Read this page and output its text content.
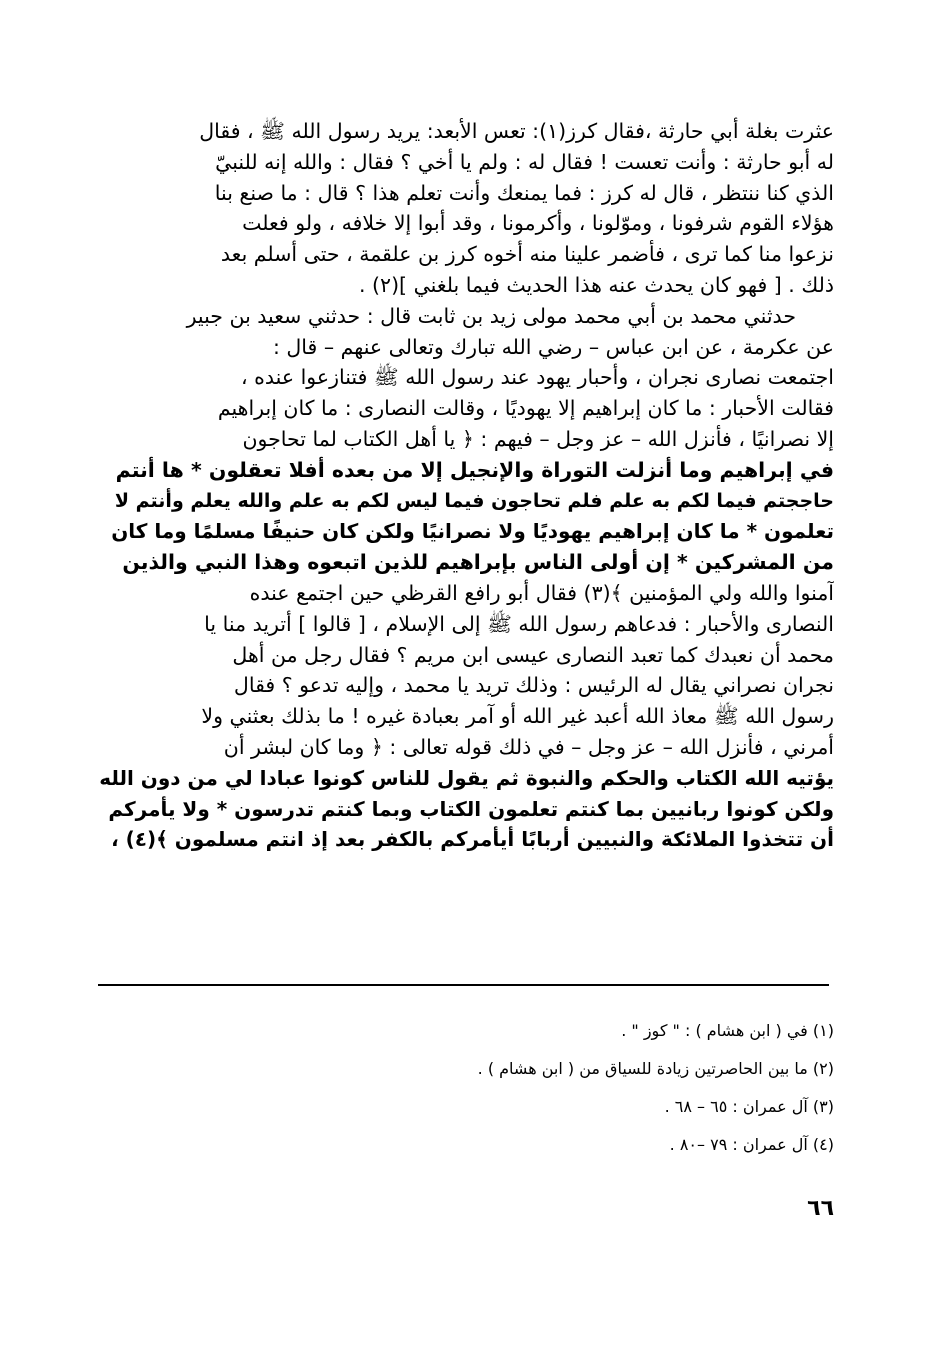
عثرت بغلة أبي حارثة ،فقال كرز(١): تعس الأبعد: يريد رسول الله ﷺ ، فقال
له أبو حارثة : وأنت تعست ! فقال له : ولم يا أخي ؟ فقال : والله إنه للنبيّ
الذي كنا ننتظر ، قال له كرز : فما يمنعك وأنت تعلم هذا ؟ قال : ما صنع بنا
هؤلاء القوم شرفونا ، وموّلونا ، وأكرمونا ، وقد أبوا إلا خلافه ، ولو فعلت
نزعوا منا كما ترى ، فأضمر علينا منه أخوه كرز بن علقمة ، حتى أسلم بعد
ذلك . [ فهو كان يحدث عنه هذا الحديث فيما بلغني ](٢) .
حدثني محمد بن أبي محمد مولى زيد بن ثابت قال : حدثني سعيد بن جبير
عن عكرمة ، عن ابن عباس – رضي الله تبارك وتعالى عنهم – قال :
اجتمعت نصارى نجران ، وأحبار يهود عند رسول الله ﷺ فتنازعوا عنده ،
فقالت الأحبار : ما كان إبراهيم إلا يهوديًا ، وقالت النصارى : ما كان إبراهيم
إلا نصرانيًا ، فأنزل الله – عز وجل – فيهم : ﴿ يا أهل الكتاب لما تحاجون
في إبراهيم وما أنزلت التوراة والإنجيل إلا من بعده أفلا تعقلون * ها أنتم
حاججتم فيما لكم به علم فلم تحاجون فيما ليس لكم به علم والله يعلم وأنتم لا
تعلمون * ما كان إبراهيم يهوديًا ولا نصرانيًا ولكن كان حنيفًا مسلمًا وما كان
من المشركين * إن أولى الناس بإبراهيم للذين اتبعوه وهذا النبي والذين
آمنوا والله ولي المؤمنين ﴾(٣) فقال أبو رافع القرظي حين اجتمع عنده
النصارى والأحبار : فدعاهم رسول الله ﷺ إلى الإسلام ، [ قالوا ] أتريد منا يا
محمد أن نعبدك كما تعبد النصارى عيسى ابن مريم ؟ فقال رجل من أهل
نجران نصراني يقال له الرئيس : وذلك تريد يا محمد ، وإليه تدعو ؟ فقال
رسول الله ﷺ معاذ الله أعبد غير الله أو آمر بعبادة غيره ! ما بذلك بعثني ولا
أمرني ، فأنزل الله – عز وجل – في ذلك قوله تعالى : ﴿ وما كان لبشر أن
يؤتيه الله الكتاب والحكم والنبوة ثم يقول للناس كونوا عبادا لي من دون الله
ولكن كونوا ربانيين بما كنتم تعلمون الكتاب وبما كنتم تدرسون * ولا يأمركم
أن تتخذوا الملائكة والنبيين أربابًا أيأمركم بالكفر بعد إذ انتم مسلمون ﴾(٤) ،
(١) في ( ابن هشام ) : " كوز " .
(٢) ما بين الحاصرتين زيادة للسياق من ( ابن هشام ) .
(٣) آل عمران : ٦٥ – ٦٨ .
(٤) آل عمران : ٧٩ –٨٠ .
٦٦
